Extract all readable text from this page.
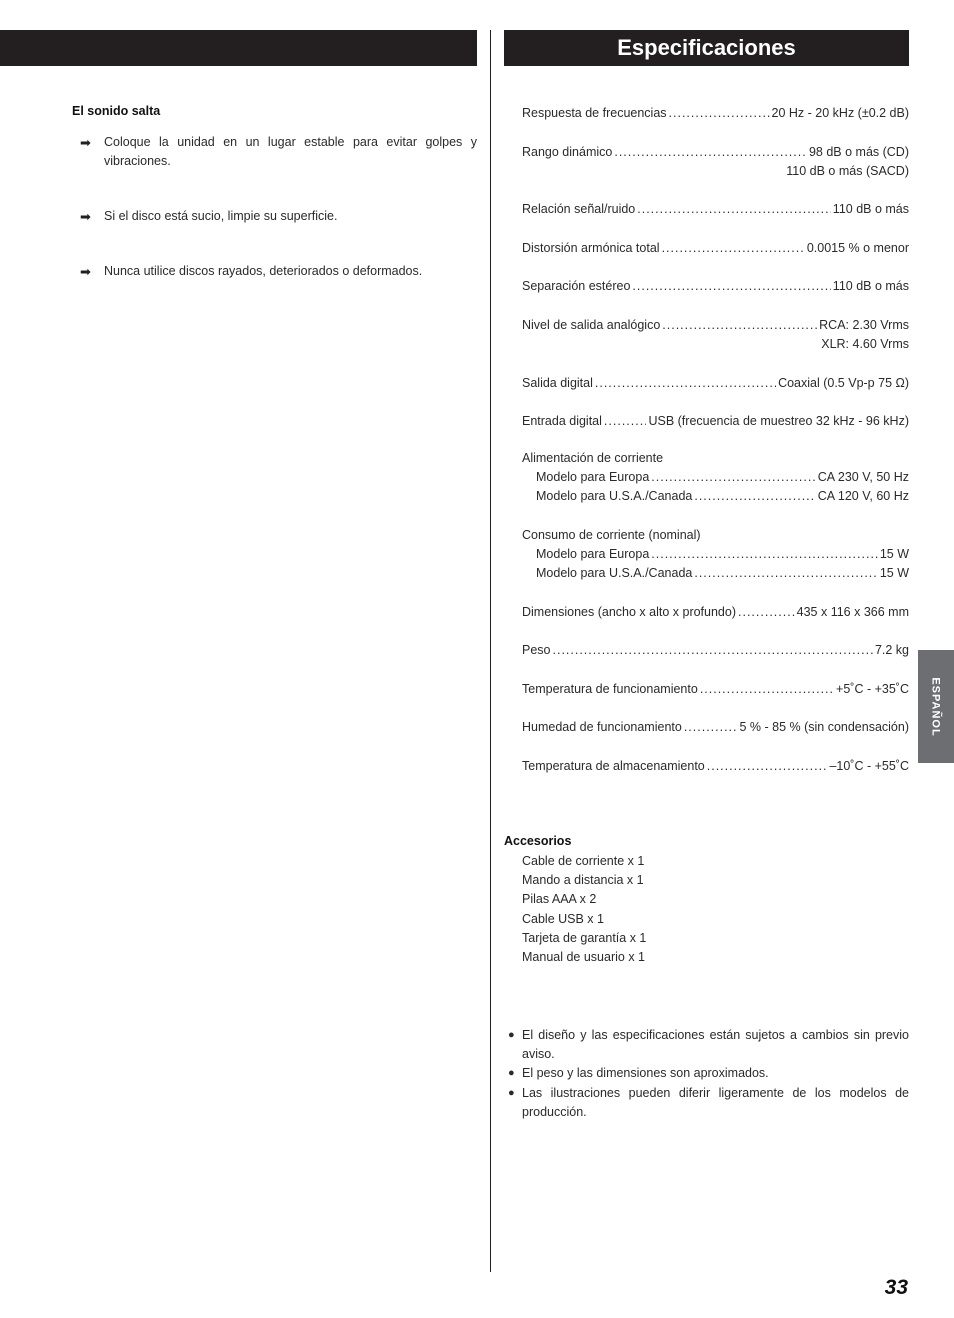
Especificaciones
El sonido salta
➡	Coloque la unidad en un lugar estable para evitar golpes y vibraciones.
➡	Si el disco está sucio, limpie su superficie.
➡	Nunca utilice discos rayados, deteriorados o deformados.
Respuesta de frecuencias .....	20 Hz - 20 kHz (±0.2 dB)
Rango dinámico .....	98 dB o más (CD)
110 dB o más (SACD)
Relación señal/ruido .....	110 dB o más
Distorsión armónica total .....	0.0015 % o menor
Separación estéreo .....	110 dB o más
Nivel de salida analógico .....	RCA: 2.30 Vrms
XLR: 4.60 Vrms
Salida digital .....	Coaxial (0.5 Vp-p 75 Ω)
Entrada digital .....	USB (frecuencia de muestreo 32 kHz - 96 kHz)
Alimentación de corriente
Modelo para Europa .....	CA 230 V, 50 Hz
Modelo para U.S.A./Canada .....	CA 120 V, 60 Hz
Consumo de corriente (nominal)
Modelo para Europa .....	15 W
Modelo para U.S.A./Canada .....	15 W
Dimensiones (ancho x alto x profundo) .....	435 x 116 x 366 mm
Peso .....	7.2 kg
Temperatura de funcionamiento .....	+5˚C - +35˚C
Humedad de funcionamiento .....	5 % - 85 % (sin condensación)
Temperatura de almacenamiento .....	–10˚C - +55˚C
Accesorios
Cable de corriente x 1
Mando a distancia x 1
Pilas AAA x 2
Cable USB x 1
Tarjeta de garantía x 1
Manual de usuario x 1
● El diseño y las especificaciones están sujetos a cambios sin previo aviso.
● El peso y las dimensiones son aproximados.
● Las ilustraciones pueden diferir ligeramente de los modelos de producción.
ESPAÑOL
33
